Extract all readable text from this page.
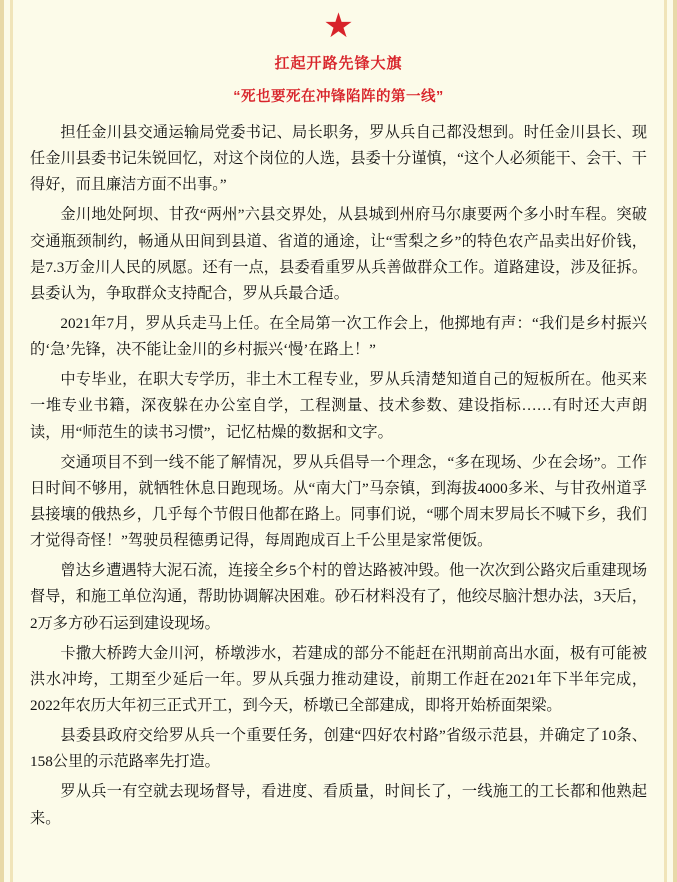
★
扛起开路先锋大旗
“死也要死在冲锋陷阵的第一线”

担任金川县交通运输局党委书记、局长职务，罗从兵自己都没想到。时任金川县长、现任金川县委书记朱锐回忆，对这个岗位的人选，县委十分谨慎，“这个人必须能干、会干、干得好，而且廉洁方面不出事。”

金川地处阿坝、甘孜“两州”六县交界处，从县城到州府马尔康要两个多小时车程。突破交通瓶颈制约，畅通从田间到县道、省道的通途，让“雪梨之乡”的特色农产品卖出好价钱，是7.3万金川人民的夙愿。还有一点，县委看重罗从兵善做群众工作。道路建设，涉及征拆。县委认为，争取群众支持配合，罗从兵最合适。

2021年7月，罗从兵走马上任。在全局第一次工作会上，他掷地有声：“我们是乡村振兴的‘急’先锋，决不能让金川的乡村振兴‘慢’在路上！”

中专毕业，在职大专学历，非土木工程专业，罗从兵清楚知道自己的短板所在。他买来一堆专业书籍，深夜躲在办公室自学，工程测量、技术参数、建设指标……有时还大声朗读，用“师范生的读书习惯”，记忆枯燥的数据和文字。

交通项目不到一线不能了解情况，罗从兵倡导一个理念，“多在现场、少在会场”。工作日时间不够用，就牺牲休息日跑现场。从“南大门”马奈镇，到海拔4000多米、与甘孜州道孚县接壤的俄热乡，几乎每个节假日他都在路上。同事们说，“哪个周末罗局长不喊下乡，我们才觉得奇怪！”驾驶员程德勇记得，每周跑成百上千公里是家常便饭。

曾达乡遭遇特大泥石流，连接全乡5个村的曾达路被冲毁。他一次次到公路灾后重建现场督导，和施工单位沟通，帮助协调解决困难。砂石材料没有了，他绞尽脑汁想办法，3天后，2万多方砂石运到建设现场。

卡撒大桥跨大金川河，桥墩涉水，若建成的部分不能赶在汛期前高出水面，极有可能被洪水冲垮，工期至少延后一年。罗从兵强力推动建设，前期工作赶在2021年下半年完成，2022年农历大年初三正式开工，到今天，桥墩已全部建成，即将开始桥面架梁。

县委县政府交给罗从兵一个重要任务，创建“四好农村路”省级示范县，并确定了10条、158公里的示范路率先打造。

罗从兵一有空就去现场督导，看进度、看质量，时间长了，一线施工的工长都和他熟起来。
